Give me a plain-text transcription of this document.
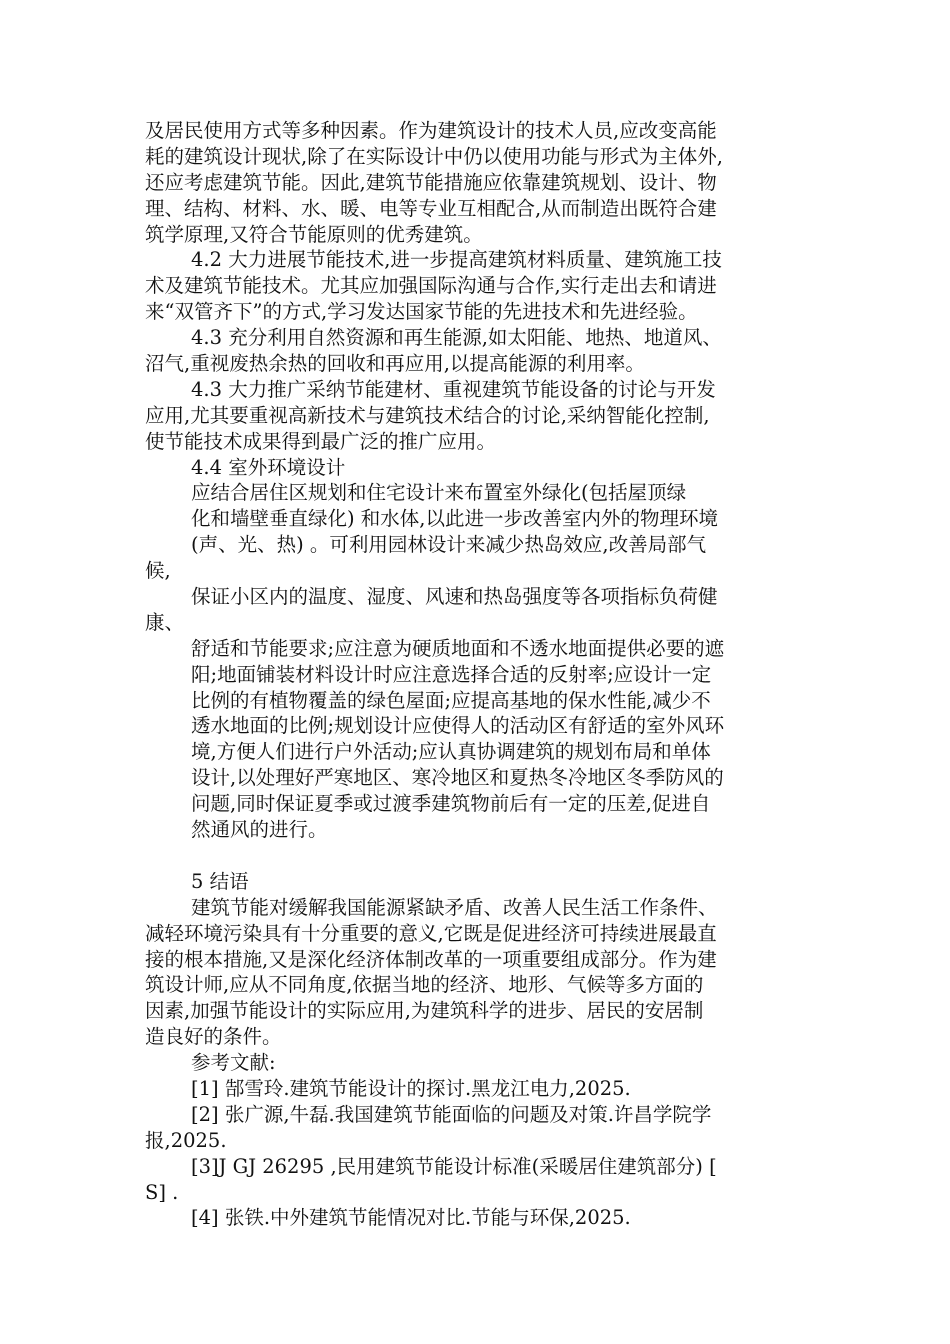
及居民使用方式等多种因素。作为建筑设计的技术人员,应改变高能
耗的建筑设计现状,除了在实际设计中仍以使用功能与形式为主体外,
还应考虑建筑节能。因此,建筑节能措施应依靠建筑规划、设计、物
理、结构、材料、水、暖、电等专业互相配合,从而制造出既符合建
筑学原理,又符合节能原则的优秀建筑。
4.2 大力进展节能技术,进一步提高建筑材料质量、建筑施工技
术及建筑节能技术。尤其应加强国际沟通与合作,实行走出去和请进
来“双管齐下”的方式,学习发达国家节能的先进技术和先进经验。
4.3 充分利用自然资源和再生能源,如太阳能、地热、地道风、
沼气,重视废热余热的回收和再应用,以提高能源的利用率。
4.3 大力推广采纳节能建材、重视建筑节能设备的讨论与开发
应用,尤其要重视高新技术与建筑技术结合的讨论,采纳智能化控制,
使节能技术成果得到最广泛的推广应用。
4.4 室外环境设计
应结合居住区规划和住宅设计来布置室外绿化(包括屋顶绿
化和墙壁垂直绿化) 和水体,以此进一步改善室内外的物理环境
(声、光、热) 。可利用园林设计来减少热岛效应,改善局部气
候,
保证小区内的温度、湿度、风速和热岛强度等各项指标负荷健
康、
舒适和节能要求;应注意为硬质地面和不透水地面提供必要的遮
阳;地面铺装材料设计时应注意选择合适的反射率;应设计一定
比例的有植物覆盖的绿色屋面;应提高基地的保水性能,减少不
透水地面的比例;规划设计应使得人的活动区有舒适的室外风环
境,方便人们进行户外活动;应认真协调建筑的规划布局和单体
设计,以处理好严寒地区、寒冷地区和夏热冬冷地区冬季防风的
问题,同时保证夏季或过渡季建筑物前后有一定的压差,促进自
然通风的进行。
5 结语
建筑节能对缓解我国能源紧缺矛盾、改善人民生活工作条件、
减轻环境污染具有十分重要的意义,它既是促进经济可持续进展最直
接的根本措施,又是深化经济体制改革的一项重要组成部分。作为建
筑设计师,应从不同角度,依据当地的经济、地形、气候等多方面的
因素,加强节能设计的实际应用,为建筑科学的进步、居民的安居制
造良好的条件。
参考文献:
[1] 郜雪玲.建筑节能设计的探讨.黑龙江电力,2025.
[2] 张广源,牛磊.我国建筑节能面临的问题及对策.许昌学院学
报,2025.
[3]J GJ 26295 ,民用建筑节能设计标准(采暖居住建筑部分) [
S] .
[4] 张铁.中外建筑节能情况对比.节能与环保,2025.
